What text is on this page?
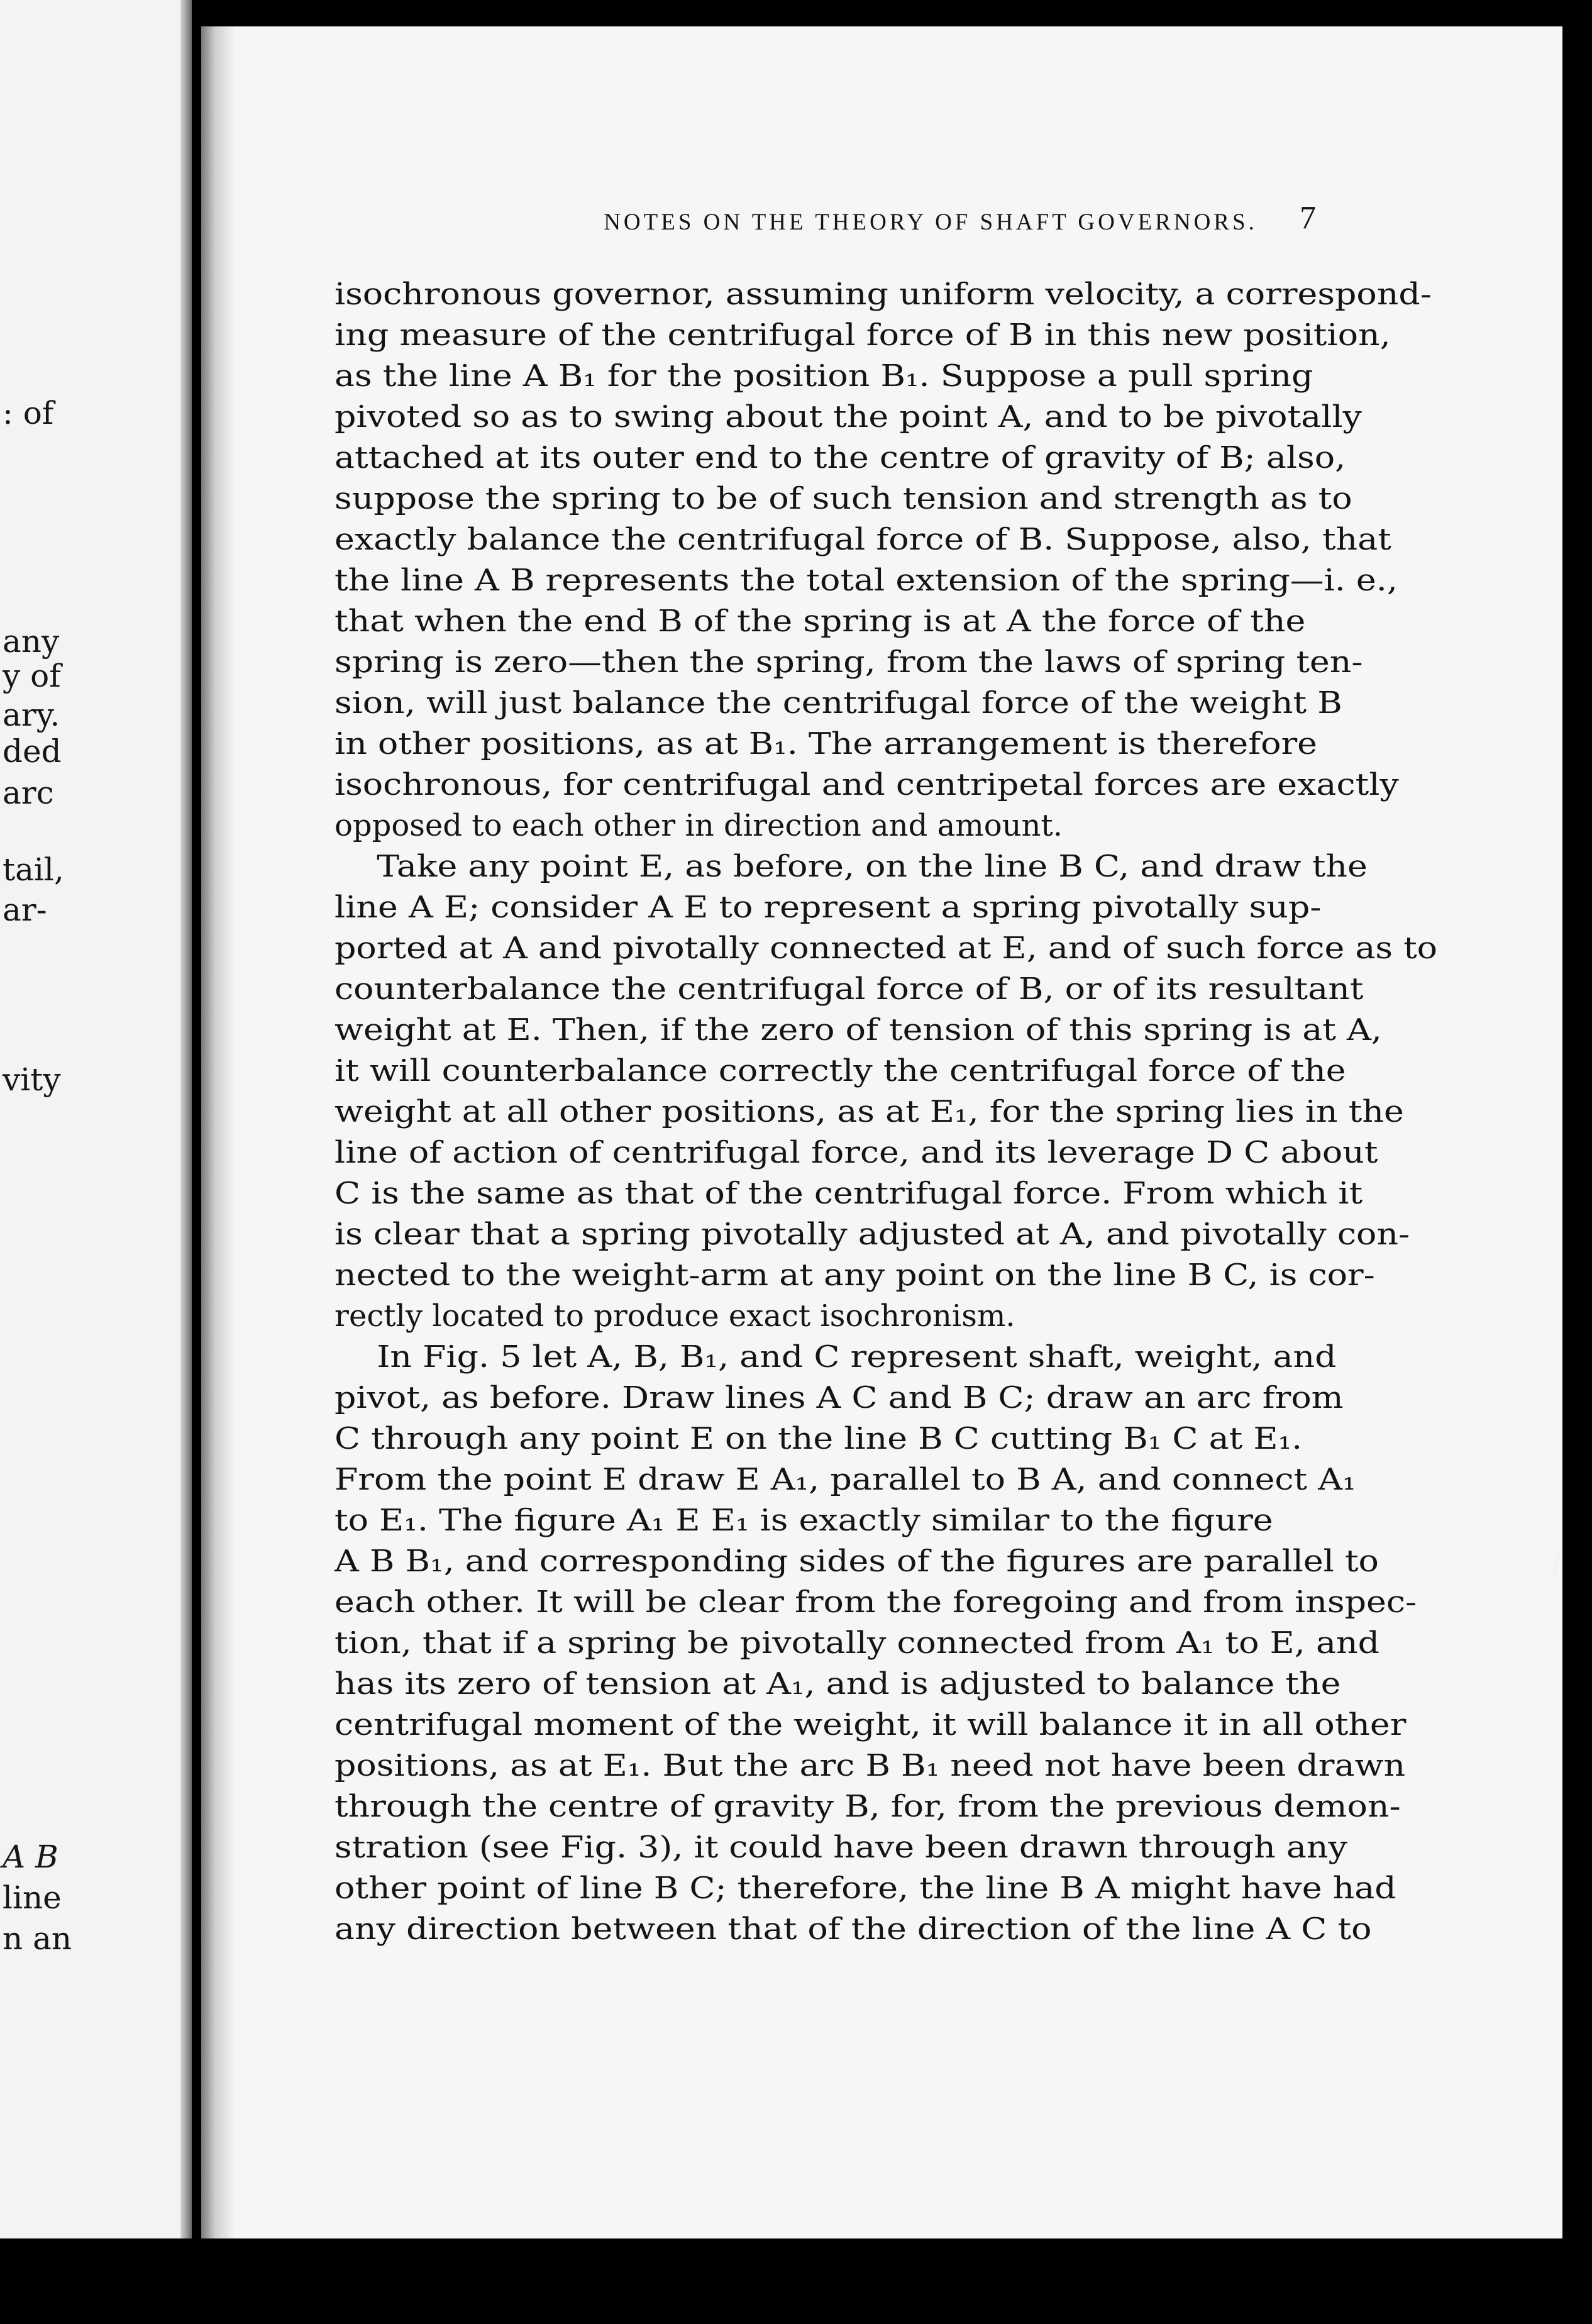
: of
any
y of
ary.
ded
arc
tail,
ar-
vity
A B
line
n an
NOTES ON THE THEORY OF SHAFT GOVERNORS.	7
isochronous governor, assuming uniform velocity, a correspond-
ing measure of the centrifugal force of B in this new position,
as the line A B₁ for the position B₁. Suppose a pull spring
pivoted so as to swing about the point A, and to be pivotally
attached at its outer end to the centre of gravity of B; also,
suppose the spring to be of such tension and strength as to
exactly balance the centrifugal force of B. Suppose, also, that
the line A B represents the total extension of the spring—i. e.,
that when the end B of the spring is at A the force of the
spring is zero—then the spring, from the laws of spring ten-
sion, will just balance the centrifugal force of the weight B
in other positions, as at B₁. The arrangement is therefore
isochronous, for centrifugal and centripetal forces are exactly
opposed to each other in direction and amount.
Take any point E, as before, on the line B C, and draw the
line A E; consider A E to represent a spring pivotally sup-
ported at A and pivotally connected at E, and of such force as to
counterbalance the centrifugal force of B, or of its resultant
weight at E. Then, if the zero of tension of this spring is at A,
it will counterbalance correctly the centrifugal force of the
weight at all other positions, as at E₁, for the spring lies in the
line of action of centrifugal force, and its leverage D C about
C is the same as that of the centrifugal force. From which it
is clear that a spring pivotally adjusted at A, and pivotally con-
nected to the weight-arm at any point on the line B C, is cor-
rectly located to produce exact isochronism.
In Fig. 5 let A, B, B₁, and C represent shaft, weight, and
pivot, as before. Draw lines A C and B C; draw an arc from
C through any point E on the line B C cutting B₁ C at E₁.
From the point E draw E A₁, parallel to B A, and connect A₁
to E₁. The figure A₁ E E₁ is exactly similar to the figure
A B B₁, and corresponding sides of the figures are parallel to
each other. It will be clear from the foregoing and from inspec-
tion, that if a spring be pivotally connected from A₁ to E, and
has its zero of tension at A₁, and is adjusted to balance the
centrifugal moment of the weight, it will balance it in all other
positions, as at E₁. But the arc B B₁ need not have been drawn
through the centre of gravity B, for, from the previous demon-
stration (see Fig. 3), it could have been drawn through any
other point of line B C; therefore, the line B A might have had
any direction between that of the direction of the line A C to
